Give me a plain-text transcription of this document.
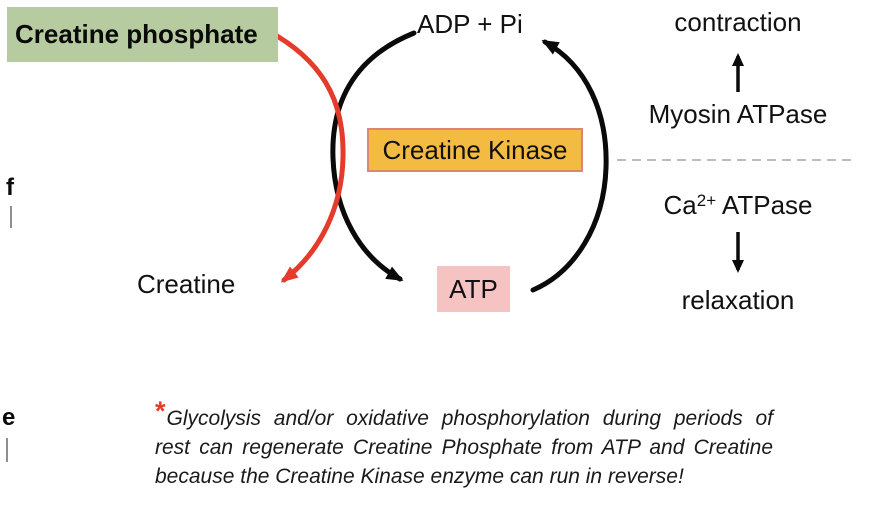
Creatine phosphate	ADP + Pi
Creatine Kinase
ATP
Creatine
contraction
Myosin ATPase
$Ca^{2+}$ ATPase
relaxation
*Glycolysis and/or oxidative phosphorylation during periods of
rest can regenerate Creatine Phosphate from ATP and Creatine
because the Creatine Kinase enzyme can run in reverse!
f
e
